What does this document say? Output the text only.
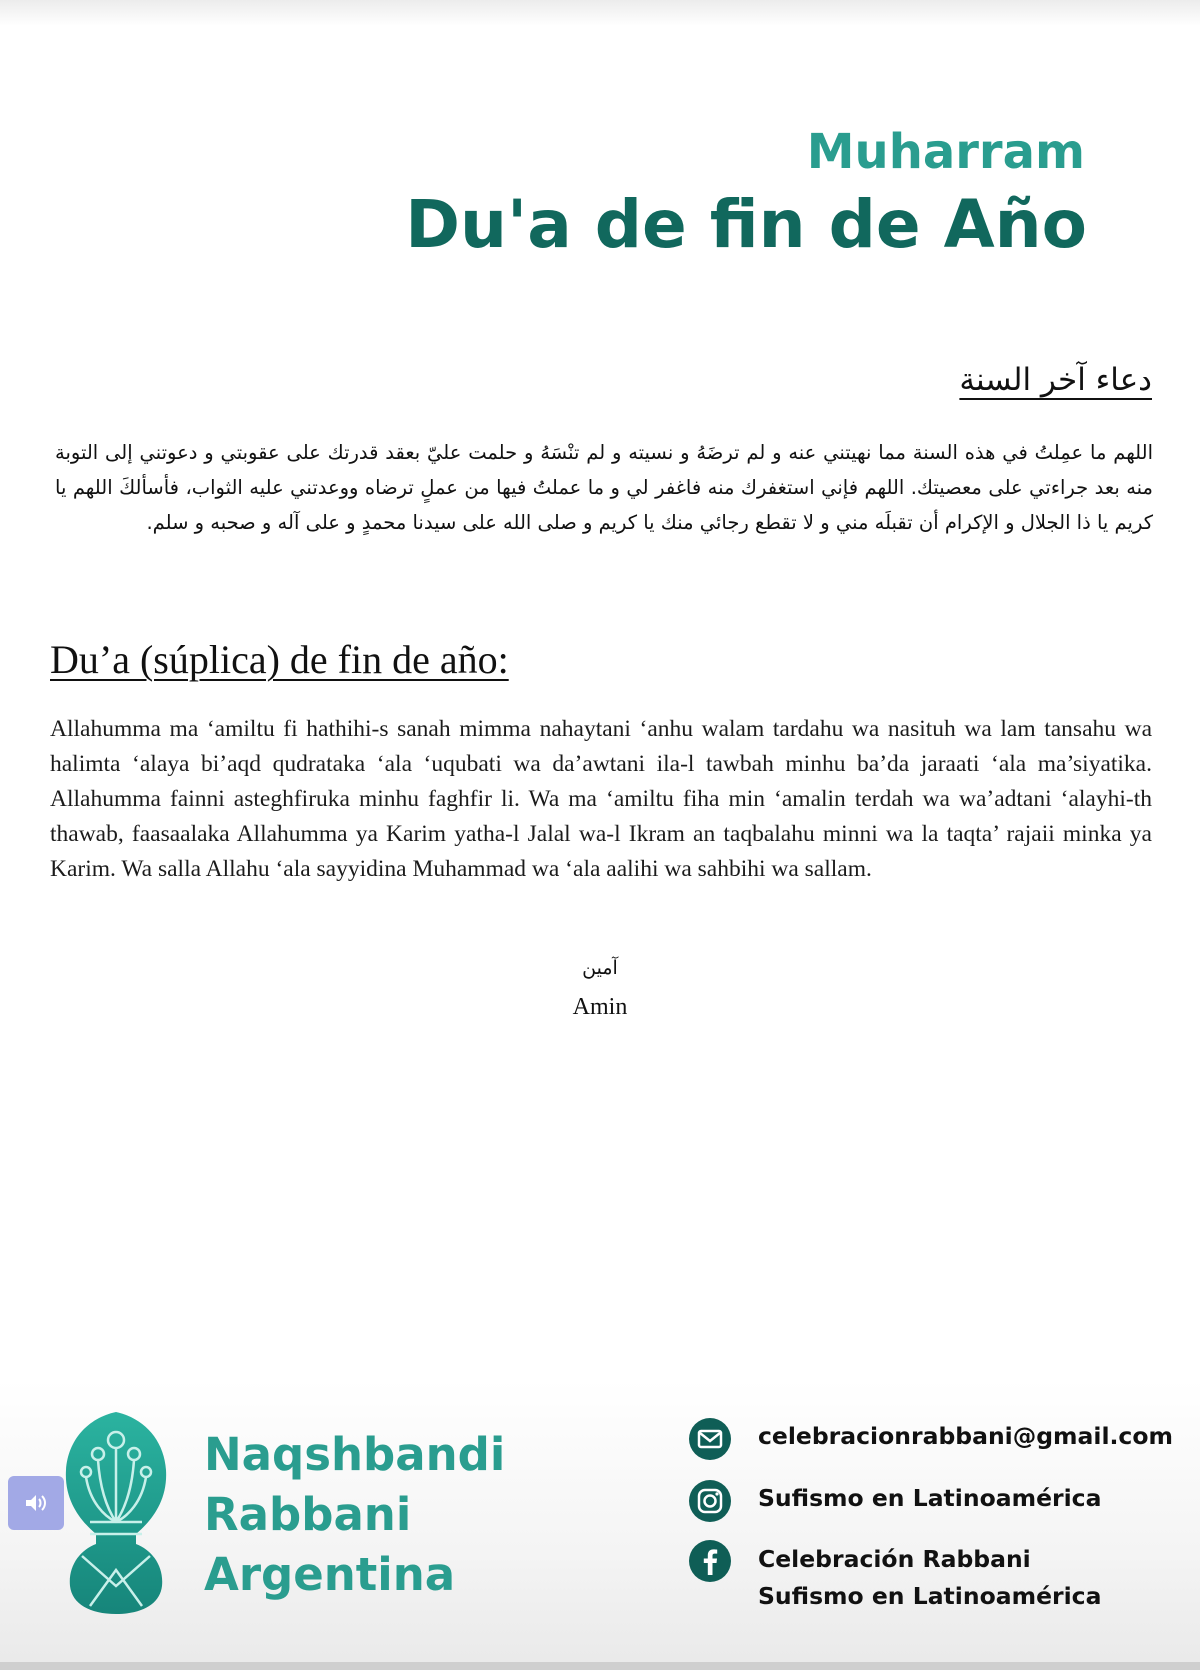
Muharram
Du'a de fin de Año
دعاء آخر السنة
اللهم ما عمِلتُ في هذه السنة مما نهيتني عنه و لم ترضَهُ و نسيته و لم تنْسَهُ و حلمت عليّ بعقد قدرتك على عقوبتي و دعوتني إلى التوبة منه بعد جراءتي على معصيتك. اللهم فإني استغفرك منه فاغفر لي و ما عملتُ فيها من عملٍ ترضاه ووعدتني عليه الثواب، فأسألكَ اللهم يا كريم يا ذا الجلال و الإكرام أن تقبلَه مني و لا تقطع رجائي منك يا كريم و صلى الله على سيدنا محمدٍ و على آله و صحبه و سلم.
Du’a (súplica) de fin de año:
Allahumma ma ‘amiltu fi hathihi-s sanah mimma nahaytani ‘anhu walam tardahu wa nasituh wa lam tansahu wa halimta ‘alaya bi’aqd qudrataka ‘ala ‘uqubati wa da’awtani ila-l tawbah minhu ba’da jaraati ‘ala ma’siyatika. Allahumma fainni asteghfiruka minhu faghfir li. Wa ma ‘amiltu fiha min ‘amalin terdah wa wa’adtani ‘alayhi-th thawab, faasaalaka Allahumma ya Karim yatha-l Jalal wa-l Ikram an taqbalahu minni wa la taqta’ rajaii minka ya Karim. Wa salla Allahu ‘ala sayyidina Muhammad wa ‘ala aalihi wa sahbihi wa sallam.
آمين
Amin
Naqshbandi
Rabbani
Argentina
celebracionrabbani@gmail.com
Sufismo en Latinoamérica
Celebración Rabbani
Sufismo en Latinoamérica
